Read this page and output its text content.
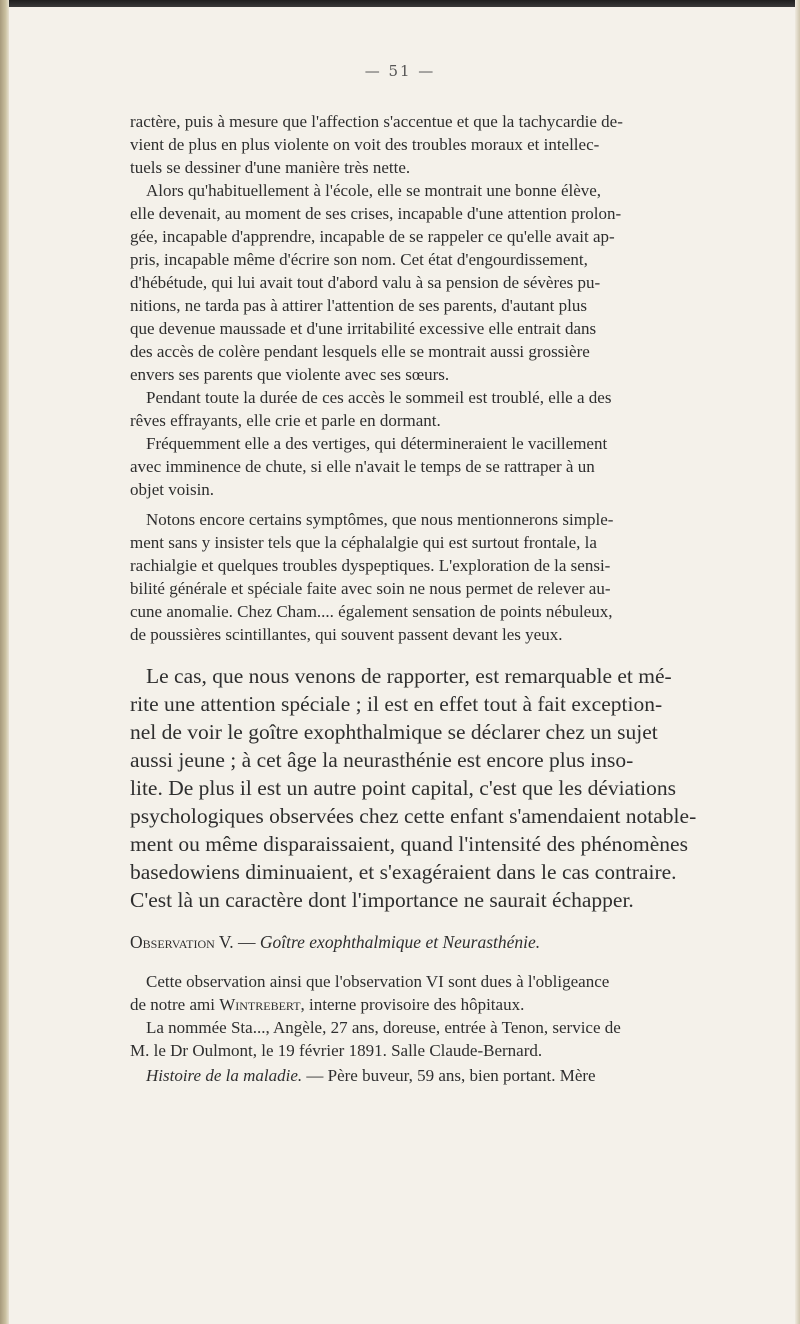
— 51 —
ractère, puis à mesure que l'affection s'accentue et que la tachycardie de-
vient de plus en plus violente on voit des troubles moraux et intellec-
tuels se dessiner d'une manière très nette.
Alors qu'habituellement à l'école, elle se montrait une bonne élève,
elle devenait, au moment de ses crises, incapable d'une attention prolon-
gée, incapable d'apprendre, incapable de se rappeler ce qu'elle avait ap-
pris, incapable même d'écrire son nom. Cet état d'engourdissement,
d'hébétude, qui lui avait tout d'abord valu à sa pension de sévères pu-
nitions, ne tarda pas à attirer l'attention de ses parents, d'autant plus
que devenue maussade et d'une irritabilité excessive elle entrait dans
des accès de colère pendant lesquels elle se montrait aussi grossière
envers ses parents que violente avec ses sœurs.
Pendant toute la durée de ces accès le sommeil est troublé, elle a des
rêves effrayants, elle crie et parle en dormant.
Fréquemment elle a des vertiges, qui détermineraient le vacillement
avec imminence de chute, si elle n'avait le temps de se rattraper à un
objet voisin.
Notons encore certains symptômes, que nous mentionnerons simple-
ment sans y insister tels que la céphalalgie qui est surtout frontale, la
rachialgie et quelques troubles dyspeptiques. L'exploration de la sensi-
bilité générale et spéciale faite avec soin ne nous permet de relever au-
cune anomalie. Chez Cham.... également sensation de points nébuleux,
de poussières scintillantes, qui souvent passent devant les yeux.
Le cas, que nous venons de rapporter, est remarquable et mé-
rite une attention spéciale ; il est en effet tout à fait exception-
nel de voir le goître exophthalmique se déclarer chez un sujet
aussi jeune ; à cet âge la neurasthénie est encore plus inso-
lite. De plus il est un autre point capital, c'est que les déviations
psychologiques observées chez cette enfant s'amendaient notable-
ment ou même disparaissaient, quand l'intensité des phénomènes
basedowiens diminuaient, et s'exagéraient dans le cas contraire.
C'est là un caractère dont l'importance ne saurait échapper.
Observation V. — Goître exophthalmique et Neurasthénie.
Cette observation ainsi que l'observation VI sont dues à l'obligeance
de notre ami Wintrebert, interne provisoire des hôpitaux.
La nommée Sta..., Angèle, 27 ans, doreuse, entrée à Tenon, service de
M. le Dr Oulmont, le 19 février 1891. Salle Claude-Bernard.
Histoire de la maladie. — Père buveur, 59 ans, bien portant. Mère
